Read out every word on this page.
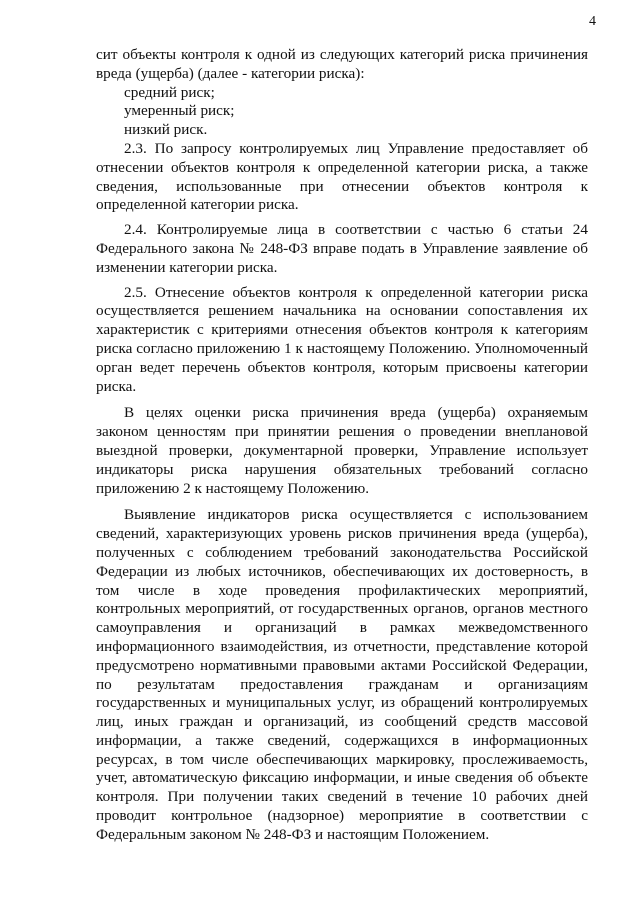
4

сит объекты контроля к одной из следующих категорий риска причинения вреда (ущерба) (далее - категории риска):

средний риск;

умеренный риск;

низкий риск.

2.3. По запросу контролируемых лиц Управление предоставляет об отнесении объектов контроля к определенной категории риска, а также сведения, использованные при отнесении объектов контроля к определенной категории риска.

2.4. Контролируемые лица в соответствии с частью 6 статьи 24 Федерального закона № 248-ФЗ вправе подать в Управление заявление об изменении категории риска.

2.5. Отнесение объектов контроля к определенной категории риска осуществляется решением начальника на основании сопоставления их характеристик с критериями отнесения объектов контроля к категориям риска согласно приложению 1 к настоящему Положению. Уполномоченный орган ведет перечень объектов контроля, которым присвоены категории риска.

В целях оценки риска причинения вреда (ущерба) охраняемым законом ценностям при принятии решения о проведении внеплановой выездной проверки, документарной проверки, Управление использует индикаторы риска нарушения обязательных требований согласно приложению 2 к настоящему Положению.

Выявление индикаторов риска осуществляется с использованием сведений, характеризующих уровень рисков причинения вреда (ущерба), полученных с соблюдением требований законодательства Российской Федерации из любых источников, обеспечивающих их достоверность, в том числе в ходе проведения профилактических мероприятий, контрольных мероприятий, от государственных органов, органов местного самоуправления и организаций в рамках межведомственного информационного взаимодействия, из отчетности, представление которой предусмотрено нормативными правовыми актами Российской Федерации, по результатам предоставления гражданам и организациям государственных и муниципальных услуг, из обращений контролируемых лиц, иных граждан и организаций, из сообщений средств массовой информации, а также сведений, содержащихся в информационных ресурсах, в том числе обеспечивающих маркировку, прослеживаемость, учет, автоматическую фиксацию информации, и иные сведения об объекте контроля. При получении таких сведений в течение 10 рабочих дней проводит контрольное (надзорное) мероприятие в соответствии с Федеральным законом № 248-ФЗ и настоящим Положением.
